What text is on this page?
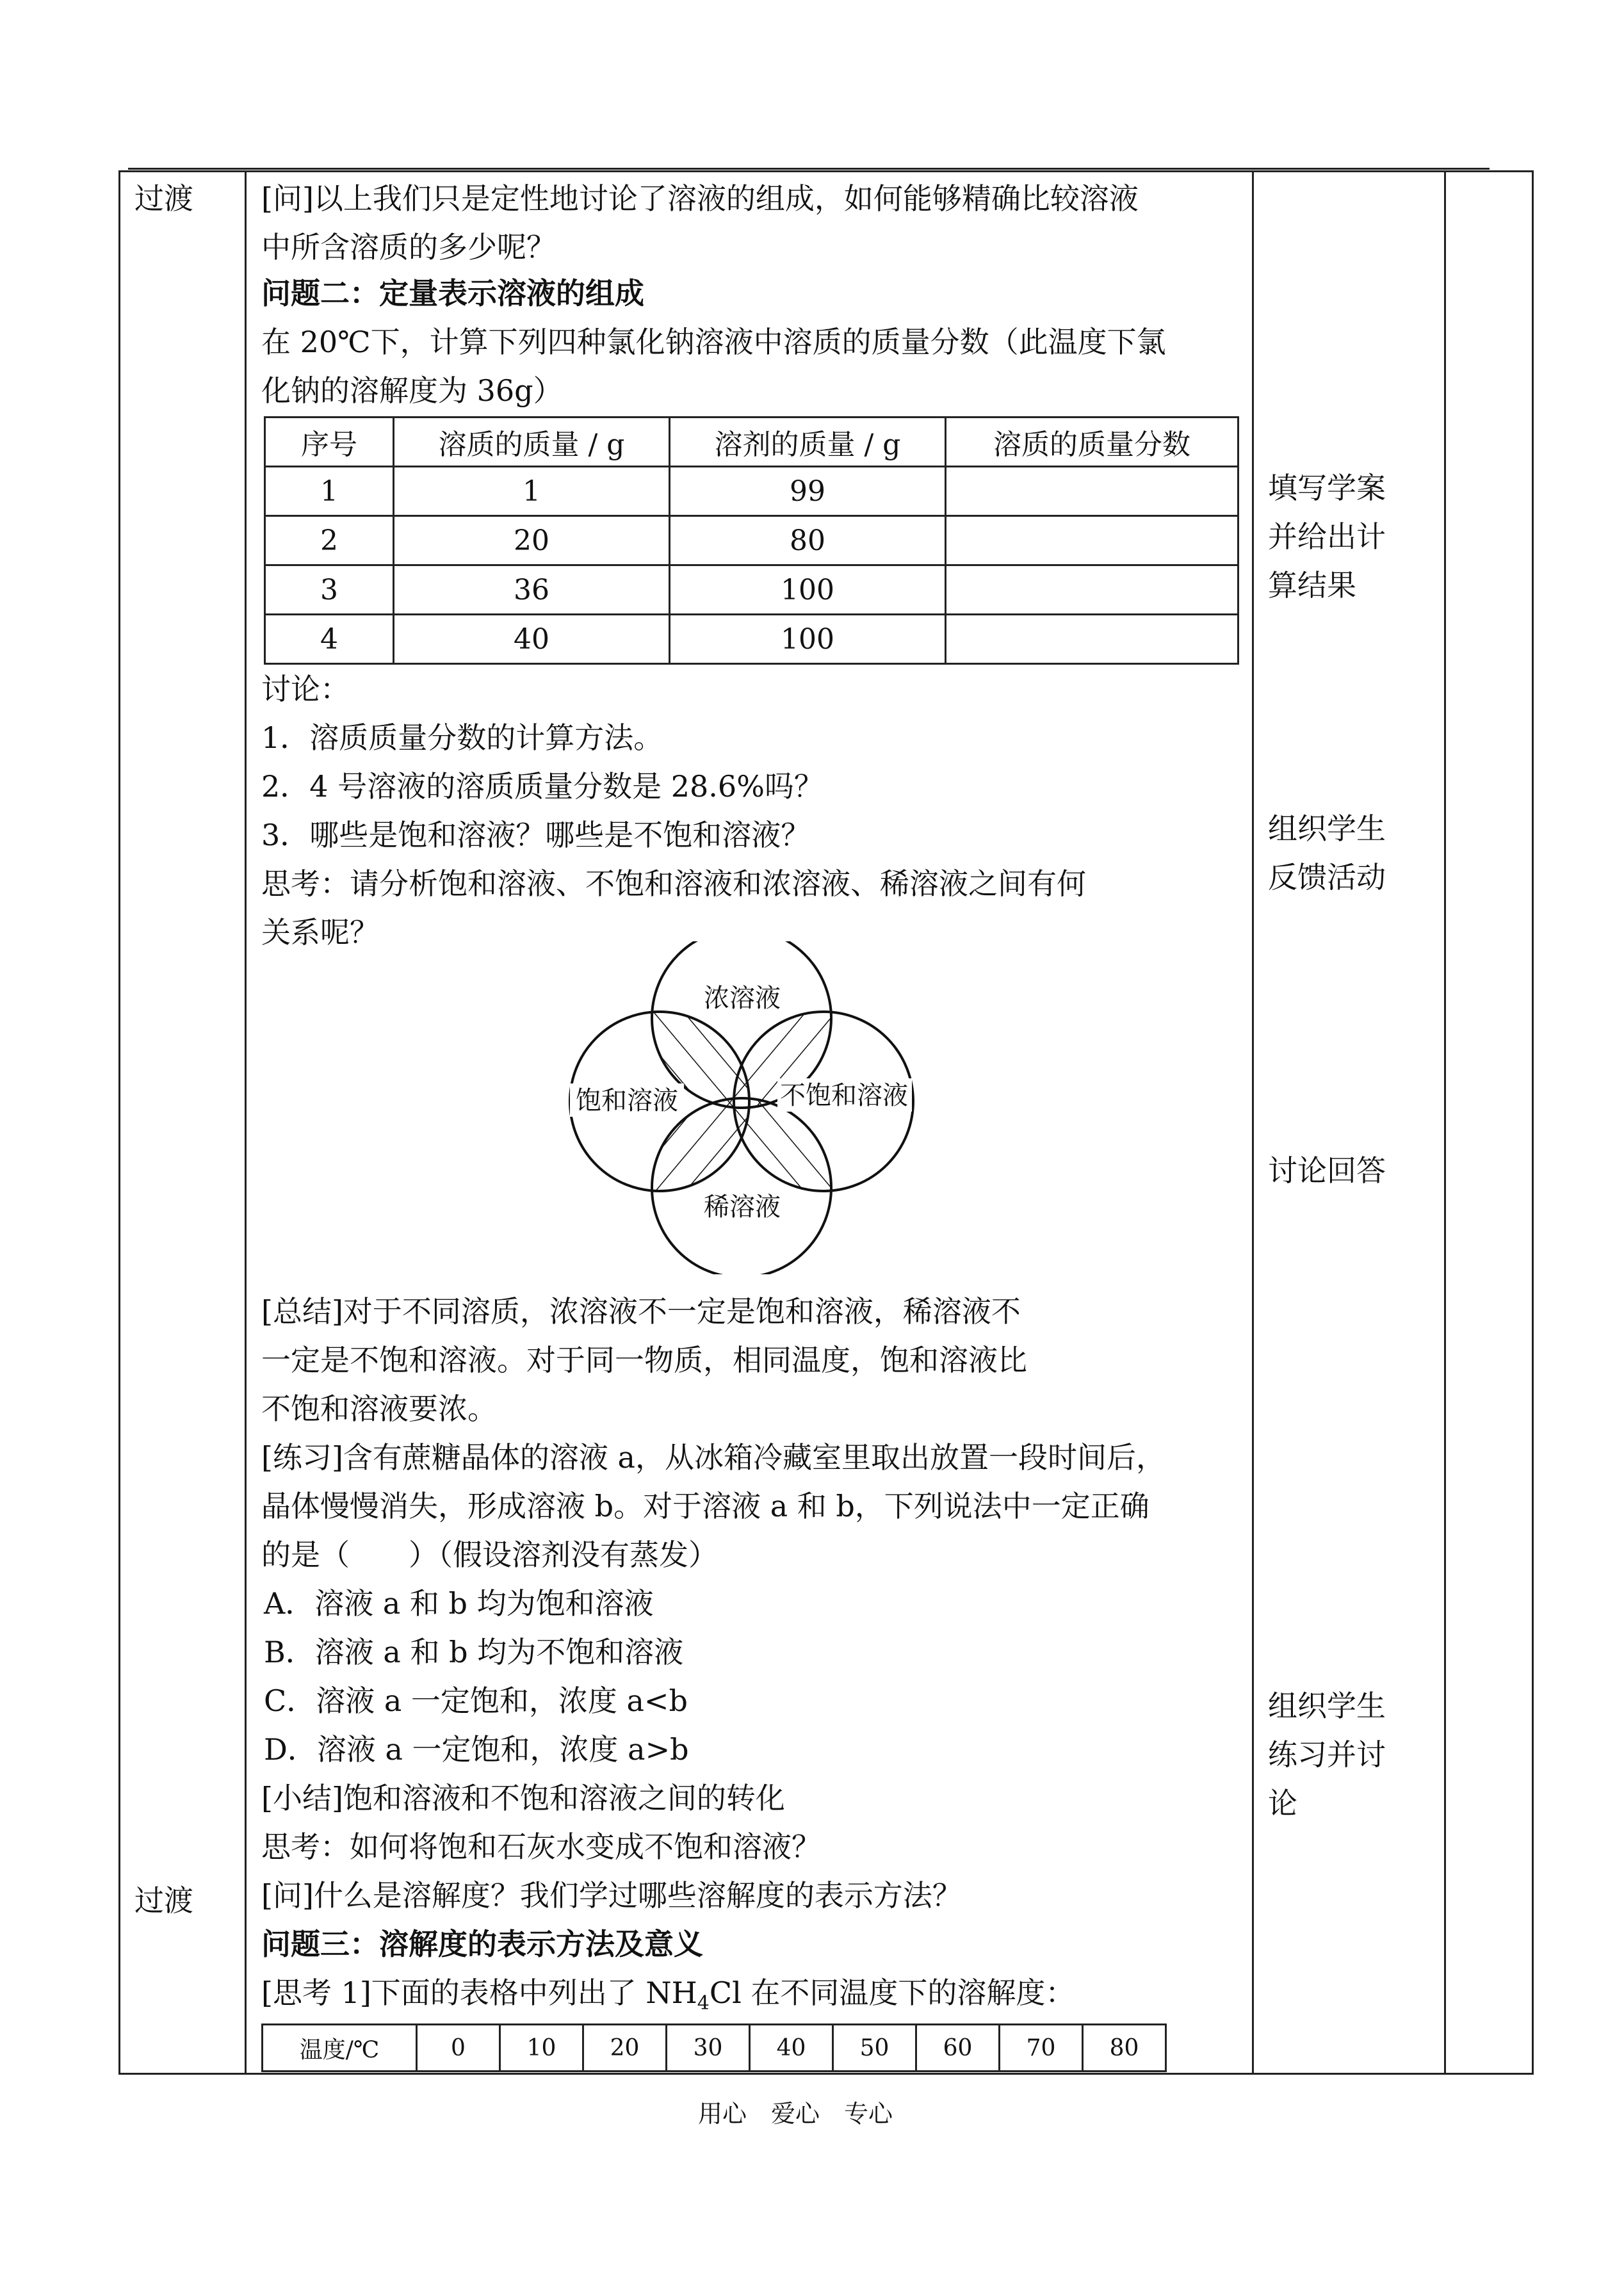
过渡
过渡
[问]以上我们只是定性地讨论了溶液的组成，如何能够精确比较溶液
中所含溶质的多少呢？
问题二：定量表示溶液的组成
在 20℃下，计算下列四种氯化钠溶液中溶质的质量分数（此温度下氯
化钠的溶解度为 36g）
序号	溶质的质量 / g	溶剂的质量 / g	溶质的质量分数
1	1	99	
2	20	80	
3	36	100	
4	40	100	
讨论：
1．溶质质量分数的计算方法。
2．4 号溶液的溶质质量分数是 28.6%吗？
3．哪些是饱和溶液？哪些是不饱和溶液？
思考：请分析饱和溶液、不饱和溶液和浓溶液、稀溶液之间有何
关系呢？
浓溶液
饱和溶液	不饱和溶液
稀溶液
[总结]对于不同溶质，浓溶液不一定是饱和溶液，稀溶液不
一定是不饱和溶液。对于同一物质，相同温度，饱和溶液比
不饱和溶液要浓。
[练习]含有蔗糖晶体的溶液 a，从冰箱冷藏室里取出放置一段时间后，
晶体慢慢消失，形成溶液 b。对于溶液 a 和 b，下列说法中一定正确
的是（　　）（假设溶剂没有蒸发）
A．溶液 a 和 b 均为饱和溶液
B．溶液 a 和 b 均为不饱和溶液
C．溶液 a 一定饱和，浓度 a<b
D．溶液 a 一定饱和，浓度 a>b
[小结]饱和溶液和不饱和溶液之间的转化
思考：如何将饱和石灰水变成不饱和溶液？
[问]什么是溶解度？我们学过哪些溶解度的表示方法？
问题三：溶解度的表示方法及意义
[思考 1]下面的表格中列出了 $NH_4Cl$ 在不同温度下的溶解度：
温度/℃	0	10	20	30	40	50	60	70	80
填写学案
并给出计
算结果
组织学生
反馈活动
讨论回答
组织学生
练习并讨
论
用心　爱心　专心
